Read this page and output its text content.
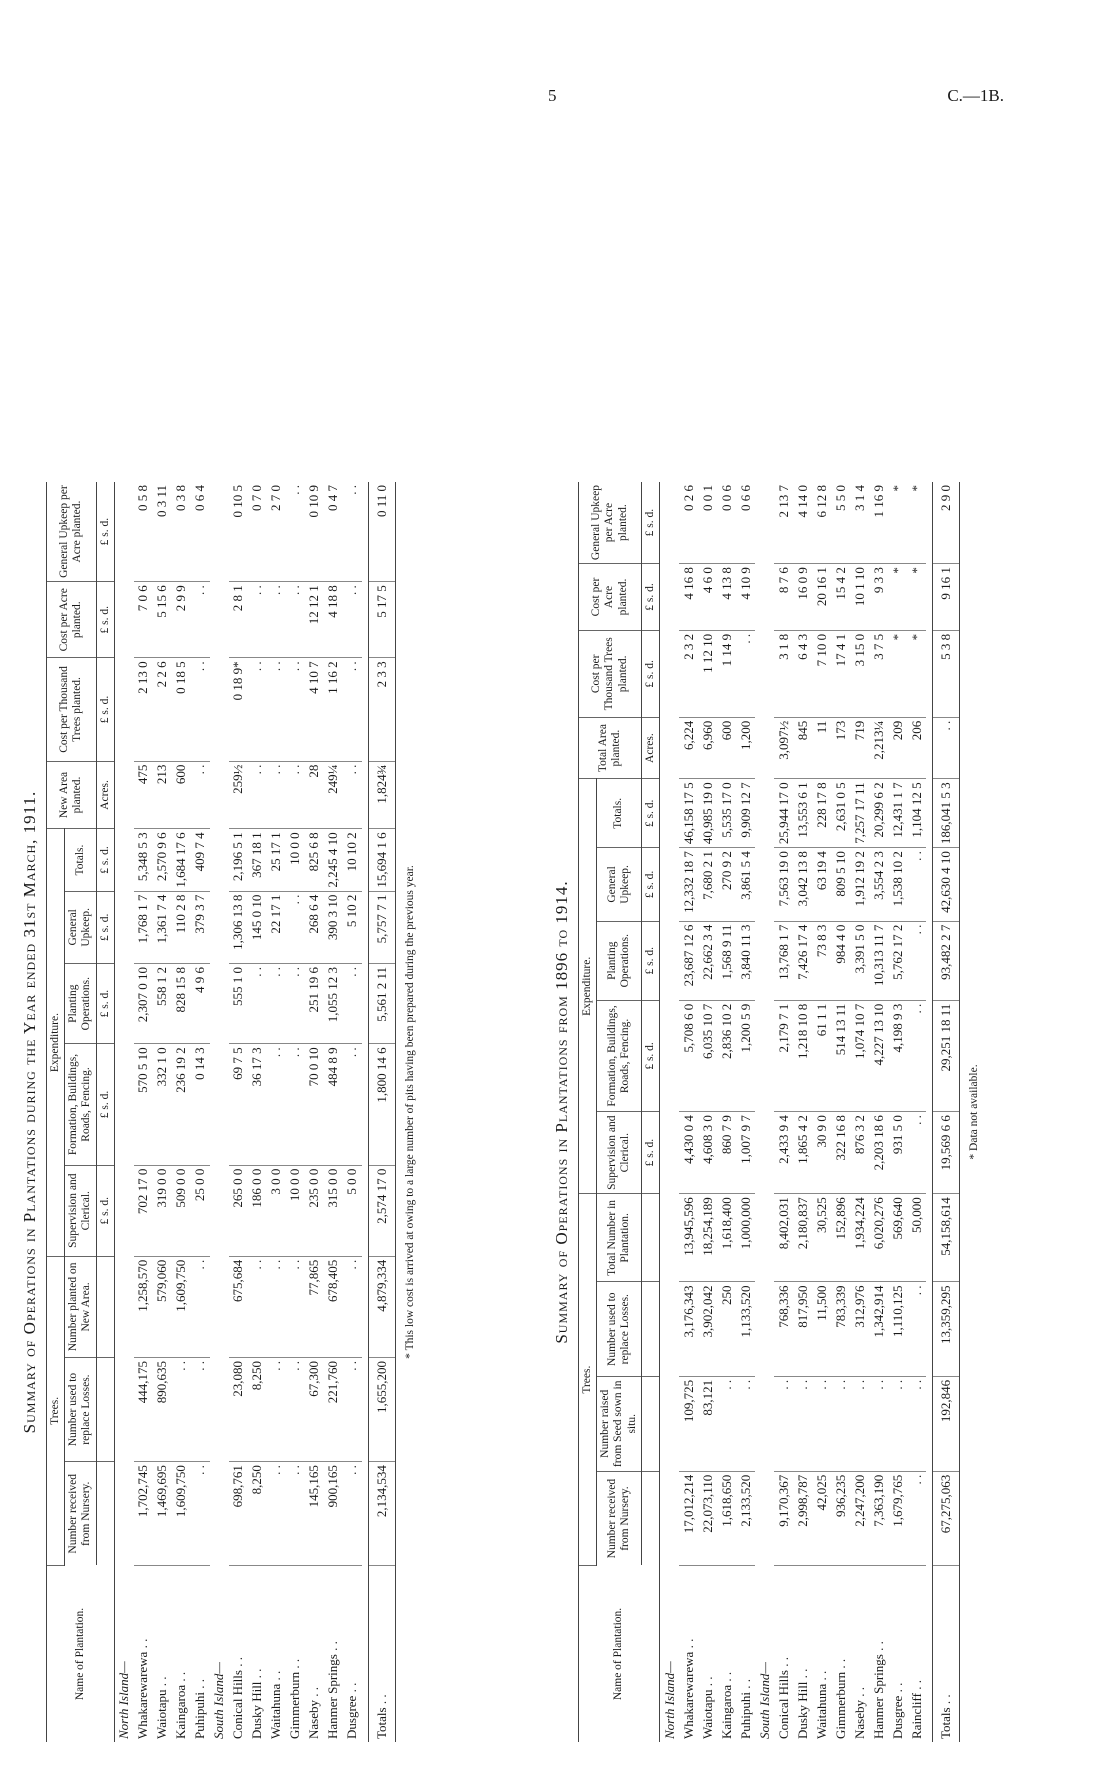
5	C.—1B.
Summary of Operations in Plantations during the Year ended 31st March, 1911.
Name of Plantation.	Trees.			Expenditure.					New Area planted.	Cost per Thousand Trees planted.	Cost per Acre planted.	General Upkeep per Acre planted.
	Number received from Nursery.	Number used to replace Losses.	Number planted on New Area.	Supervision and Clerical.	Formation, Buildings, Roads, Fencing.	Planting Operations.	General Upkeep.	Totals.				
				£ s. d.	£ s. d.	£ s. d.	£ s. d.	£ s. d.	Acres.	£ s. d.	£ s. d.	£ s. d.
North Island—												
Whakarewarewa . .	1,702,745	444,175	1,258,570	702 17 0	570 5 10	2,307 0 10	1,768 1 7	5,348 5 3	475	2 13 0	7 0 6	0 5 8
Waiotapu . .	1,469,695	890,635	579,060	319 0 0	332 1 0	558 1 2	1,361 7 4	2,570 9 6	213	2 2 6	5 15 6	0 3 11
Kaingaroa . .	1,609,750	. .	1,609,750	509 0 0	236 19 2	828 15 8	110 2 8	1,684 17 6	600	0 18 5	2 9 9	0 3 8
Puhipuhi . .	. .	. .	. .	25 0 0	0 14 3	4 9 6	379 3 7	409 7 4	. .	. .	. .	0 6 4
South Island—												
Conical Hills . .	698,761	23,080	675,684	265 0 0	69 7 5	555 1 0	1,306 13 8	2,196 5 1	259½	0 18 9*	2 8 1	0 10 5
Dusky Hill . .	8,250	8,250	. .	186 0 0	36 17 3	. .	145 0 10	367 18 1	. .	. .	. .	0 7 0
Waitahuna . .	. .	. .	. .	3 0 0	. .	. .	22 17 1	25 17 1	. .	. .	. .	2 7 0
Gimmerburn . .	. .	. .	. .	10 0 0	. .	. .	. .	10 0 0	. .	. .	. .	. .
Naseby . .	145,165	67,300	77,865	235 0 0	70 0 10	251 19 6	268 6 4	825 6 8	28	4 10 7	12 12 1	0 10 9
Hanmer Springs . .	900,165	221,760	678,405	315 0 0	484 8 9	1,055 12 3	390 3 10	2,245 4 10	249¼	1 16 2	4 18 8	0 4 7
Dusgree . .	. .	. .	. .	5 0 0	. .	. .	5 10 2	10 10 2	. .	. .	. .	. .

Totals . .	2,134,534	1,655,200	4,879,334	2,574 17 0	1,800 14 6	5,561 2 11	5,757 7 1	15,694 1 6	1,824¾	2 3 3	5 17 5	0 11 0
* This low cost is arrived at owing to a large number of pits having been prepared during the previous year.	Summary of Operations in Plantations from 1896 to 1914.
Name of Plantation.	Trees.				Expenditure.					Total Area planted.	Cost per Thousand Trees planted.	Cost per Acre planted.	General Upkeep per Acre planted.
	Number received from Nursery.	Number raised from Seed sown in situ.	Number used to replace Losses.	Total Number in Plantation.	Supervision and Clerical.	Formation, Buildings, Roads, Fencing.	Planting Operations.	General Upkeep.	Totals.				
					£ s. d.	£ s. d.	£ s. d.	£ s. d.	£ s. d.	Acres.	£ s. d.	£ s. d.	£ s. d.
North Island—													
Whakarewarewa . .	17,012,214	109,725	3,176,343	13,945,596	4,430 0 4	5,708 6 0	23,687 12 6	12,332 18 7	46,158 17 5	6,224	2 3 2	4 16 8	0 2 6
Waiotapu . .	22,073,110	83,121	3,902,042	18,254,189	4,608 3 0	6,035 10 7	22,662 3 4	7,680 2 1	40,985 19 0	6,960	1 12 10	4 6 0	0 0 1
Kaingaroa . .	1,618,650	. .	250	1,618,400	860 7 9	2,836 10 2	1,568 9 11	270 9 2	5,535 17 0	600	1 14 9	4 13 8	0 0 6
Puhipuhi . .	2,133,520	. .	1,133,520	1,000,000	1,007 9 7	1,200 5 9	3,840 11 3	3,861 5 4	9,909 12 7	1,200	. .	4 10 9	0 6 6
South Island—													
Conical Hills . .	9,170,367	. .	768,336	8,402,031	2,433 9 4	2,179 7 1	13,768 1 7	7,563 19 0	25,944 17 0	3,097½	3 1 8	8 7 6	2 13 7
Dusky Hill . .	2,998,787	. .	817,950	2,180,837	1,865 4 2	1,218 10 8	7,426 17 4	3,042 13 8	13,553 6 1	845	6 4 3	16 0 9	4 14 0
Waitahuna . .	42,025	. .	11,500	30,525	30 9 0	61 1 1	73 8 3	63 19 4	228 17 8	11	7 10 0	20 16 1	6 12 8
Gimmerburn . .	936,235	. .	783,339	152,896	322 16 8	514 13 11	984 4 0	809 5 10	2,631 0 5	173	17 4 1	15 4 2	5 5 0
Naseby . .	2,247,200	. .	312,976	1,934,224	876 3 2	1,074 10 7	3,391 5 0	1,912 19 2	7,257 17 11	719	3 15 0	10 1 10	3 1 4
Hanmer Springs . .	7,363,190	. .	1,342,914	6,020,276	2,203 18 6	4,227 13 10	10,313 11 7	3,554 2 3	20,299 6 2	2,213¼	3 7 5	9 3 3	1 16 9
Dusgree . .	1,679,765	. .	1,110,125	569,640	931 5 0	4,198 9 3	5,762 17 2	1,538 10 2	12,431 1 7	209	*	*	*
Raincliff . .	. .	. .	. .	50,000	. .	. .	. .	. .	1,104 12 5	206	*	*	*

Totals . .	67,275,063	192,846	13,359,295	54,158,614	19,569 6 6	29,251 18 11	93,482 2 7	42,630 4 10	186,041 5 3	. .	5 3 8	9 16 1	2 9 0
* Data not available.
